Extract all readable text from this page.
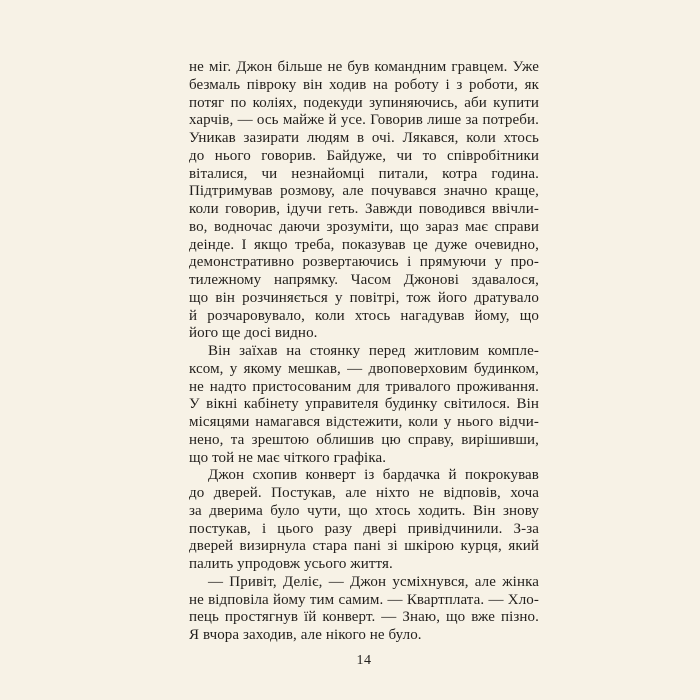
не міг. Джон більше не був командним гравцем. Уже
безмаль півроку він ходив на роботу і з роботи, як
потяг по коліях, подекуди зупиняючись, аби купити
харчів, — ось майже й усе. Говорив лише за потреби.
Уникав зазирати людям в очі. Лякався, коли хтось
до нього говорив. Байдуже, чи то співробітники
віталися, чи незнайомці питали, котра година.
Підтримував розмову, але почувався значно краще,
коли говорив, ідучи геть. Завжди поводився ввічли-
во, водночас даючи зрозуміти, що зараз має справи
деінде. І якщо треба, показував це дуже очевидно,
демонстративно розвертаючись і прямуючи у про-
тилежному напрямку. Часом Джонові здавалося,
що він розчиняється у повітрі, тож його дратувало
й розчаровувало, коли хтось нагадував йому, що
його ще досі видно.
Він заїхав на стоянку перед житловим компле-
ксом, у якому мешкав, — двоповерховим будинком,
не надто пристосованим для тривалого проживання.
У вікні кабінету управителя будинку світилося. Він
місяцями намагався відстежити, коли у нього відчи-
нено, та зрештою облишив цю справу, вирішивши,
що той не має чіткого графіка.
Джон схопив конверт із бардачка й покрокував
до дверей. Постукав, але ніхто не відповів, хоча
за дверима було чути, що хтось ходить. Він знову
постукав, і цього разу двері привідчинили. З-за
дверей визирнула стара пані зі шкірою курця, який
палить упродовж усього життя.
— Привіт, Деліє, — Джон усміхнувся, але жінка
не відповіла йому тим самим. — Квартплата. — Хло-
пець простягнув їй конверт. — Знаю, що вже пізно.
Я вчора заходив, але нікого не було.
14
